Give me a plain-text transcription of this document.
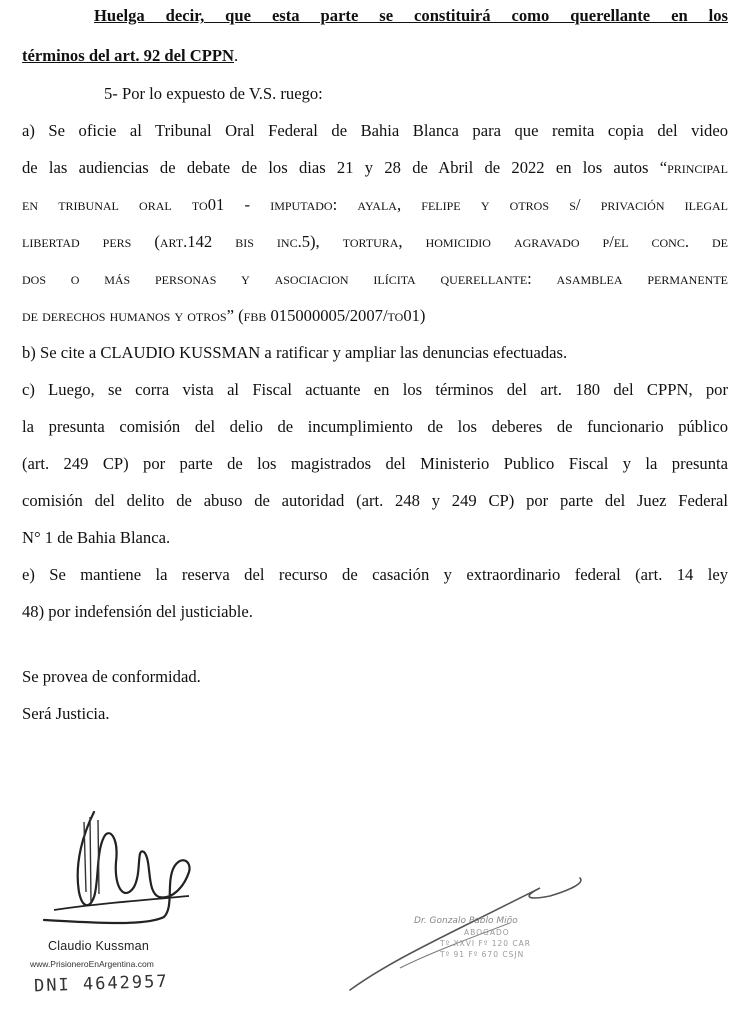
Huelga decir, que esta parte se constituirá como querellante en los

términos del art. 92 del CPPN.

5- Por lo expuesto de V.S. ruego:

a) Se oficie al Tribunal Oral Federal de Bahia Blanca para que remita copia del video

de las audiencias de debate de los dias 21 y 28 de Abril de 2022 en los autos “principal

en tribunal oral to01 - imputado: ayala, felipe y otros s/ privación ilegal

libertad pers (art.142 bis inc.5), tortura, homicidio agravado p/el conc. de

dos o más personas y asociacion ilícita querellante: asamblea permanente

de derechos humanos y otros” (fbb 015000005/2007/to01)

b) Se cite a CLAUDIO KUSSMAN a ratificar y ampliar las denuncias efectuadas.

c) Luego, se corra vista al Fiscal actuante en los términos del art. 180 del CPPN, por

la presunta comisión del delio de incumplimiento de los deberes de funcionario público

(art. 249 CP) por parte de los magistrados del Ministerio Publico Fiscal y la presunta

comisión del delito de abuso de autoridad (art. 248 y 249 CP) por parte del Juez Federal

N° 1 de Bahia Blanca.

e) Se mantiene la reserva del recurso de casación y extraordinario federal (art. 14 ley

48) por indefensión del justiciable.

Se provea de conformidad.

Será Justicia.

Claudio Kussman
www.PrisioneroEnArgentina.com
DNI 4642957
Dr. Gonzalo Pablo Miño
ABOGADO
Tº XXVI Fº 120 CAR
Tº 91 Fº 670 CSJN
